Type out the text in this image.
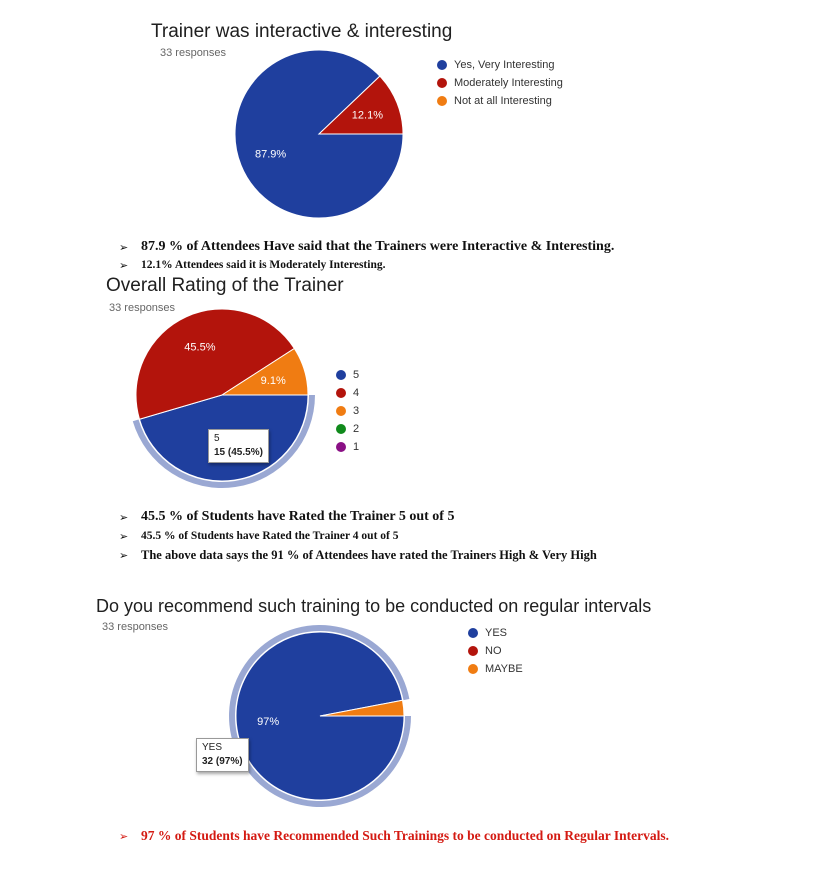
Trainer was interactive & interesting
33 responses
87.9%
12.1%
Yes, Very Interesting
Moderately Interesting
Not at all Interesting
➢ 87.9 % of Attendees Have said that the Trainers were Interactive & Interesting.
➢	12.1% Attendees said it is Moderately Interesting.
Overall Rating of the Trainer
33 responses
45.5%
9.1%
5
15 (45.5%)
5
4
3
2
1
➢ 45.5 % of Students have Rated the Trainer 5 out of 5
➢	45.5 % of Students have Rated the Trainer 4 out of 5
➢	The above data says the 91 % of Attendees have rated the Trainers High & Very High
Do you recommend such training to be conducted on regular intervals
33 responses
97%
YES
32 (97%)
YES
NO
MAYBE
➢ 97 % of Students have Recommended Such Trainings to be conducted on Regular Intervals.
